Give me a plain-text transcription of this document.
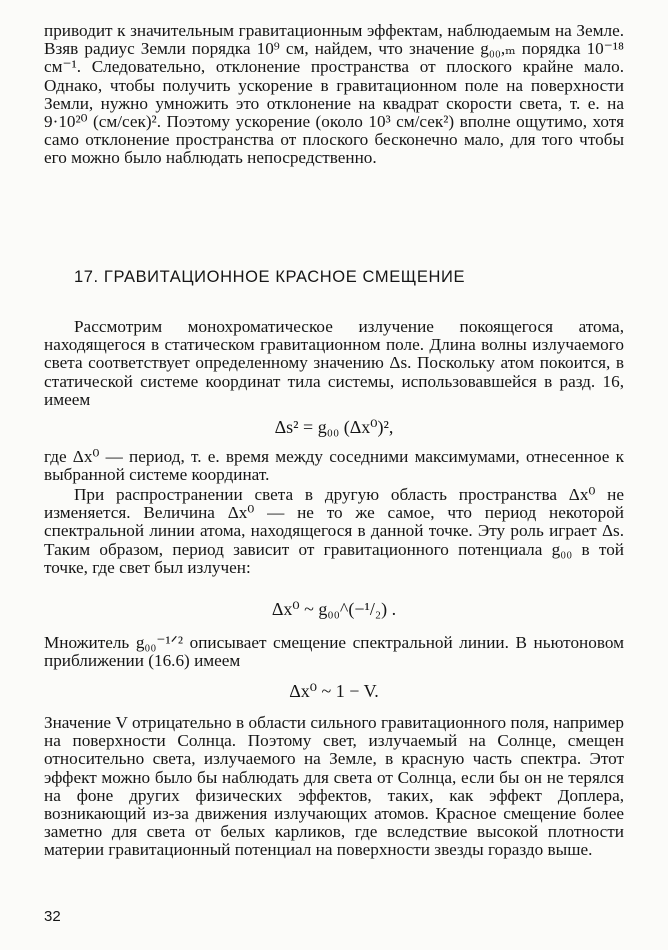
приводит к значительным гравитационным эффектам, наблюдаемым на Земле. Взяв радиус Земли порядка 10⁹ см, найдем, что значение g₀₀,ₘ порядка 10⁻¹⁸ см⁻¹. Следовательно, отклонение пространства от плоского крайне мало. Однако, чтобы получить ускорение в гравитационном поле на поверхности Земли, нужно умножить это отклонение на квадрат скорости света, т. е. на 9·10²⁰ (см/сек)². Поэтому ускорение (около 10³ см/сек²) вполне ощутимо, хотя само отклонение пространства от плоского бесконечно мало, для того чтобы его можно было наблюдать непосредственно.

17. ГРАВИТАЦИОННОЕ КРАСНОЕ СМЕЩЕНИЕ

Рассмотрим монохроматическое излучение покоящегося атома, находящегося в статическом гравитационном поле. Длина волны излучаемого света соответствует определенному значению Δs. Поскольку атом покоится, в статической системе координат тила системы, использовавшейся в разд. 16, имеем

Δs² = g₀₀ (Δx⁰)²,

где Δx⁰ — период, т. е. время между соседними максимумами, отнесенное к выбранной системе координат.

При распространении света в другую область пространства Δx⁰ не изменяется. Величина Δx⁰ — не то же самое, что период некоторой спектральной линии атома, находящегося в данной точке. Эту роль играет Δs. Таким образом, период зависит от гравитационного потенциала g₀₀ в той точке, где свет был излучен:

Δx⁰ ~ g₀₀^(−¹/₂) .

Множитель g₀₀⁻¹ᐟ² описывает смещение спектральной линии. В ньютоновом приближении (16.6) имеем

Δx⁰ ~ 1 − V.

Значение V отрицательно в области сильного гравитационного поля, например на поверхности Солнца. Поэтому свет, излучаемый на Солнце, смещен относительно света, излучаемого на Земле, в красную часть спектра. Этот эффект можно было бы наблюдать для света от Солнца, если бы он не терялся на фоне других физических эффектов, таких, как эффект Доплера, возникающий из-за движения излучающих атомов. Красное смещение более заметно для света от белых карликов, где вследствие высокой плотности материи гравитационный потенциал на поверхности звезды гораздо выше.

32
